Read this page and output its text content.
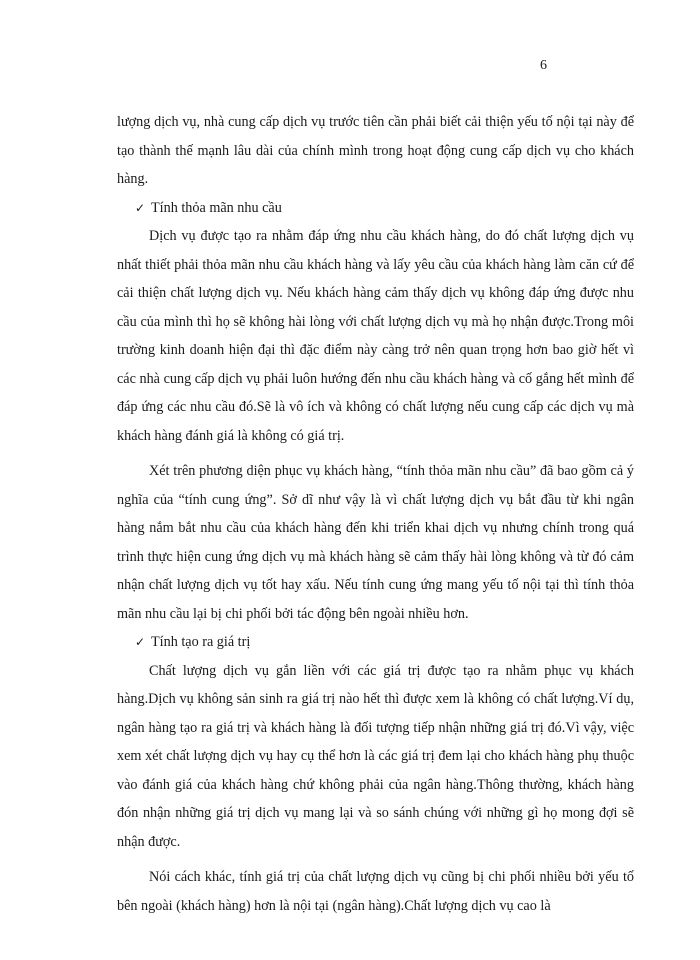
6

lượng dịch vụ, nhà cung cấp dịch vụ trước tiên cần phải biết cải thiện yếu tố nội tại này để tạo thành thế mạnh lâu dài của chính mình trong hoạt động cung cấp dịch vụ cho khách hàng.

✓ Tính thỏa mãn nhu cầu

Dịch vụ được tạo ra nhằm đáp ứng nhu cầu khách hàng, do đó chất lượng dịch vụ nhất thiết phải thỏa mãn nhu cầu khách hàng và lấy yêu cầu của khách hàng làm căn cứ để cải thiện chất lượng dịch vụ. Nếu khách hàng cảm thấy dịch vụ không đáp ứng được nhu cầu của mình thì họ sẽ không hài lòng với chất lượng dịch vụ mà họ nhận được.Trong môi trường kinh doanh hiện đại thì đặc điểm này càng trở nên quan trọng hơn bao giờ hết vì các nhà cung cấp dịch vụ phải luôn hướng đến nhu cầu khách hàng và cố gắng hết mình để đáp ứng các nhu cầu đó.Sẽ là vô ích và không có chất lượng nếu cung cấp các dịch vụ mà khách hàng đánh giá là không có giá trị.

Xét trên phương diện phục vụ khách hàng, “tính thỏa mãn nhu cầu” đã bao gồm cả ý nghĩa của “tính cung ứng”. Sở dĩ như vậy là vì chất lượng dịch vụ bắt đầu từ khi ngân hàng nắm bắt nhu cầu của khách hàng đến khi triển khai dịch vụ nhưng chính trong quá trình thực hiện cung ứng dịch vụ mà khách hàng sẽ cảm thấy hài lòng không và từ đó cảm nhận chất lượng dịch vụ tốt hay xấu. Nếu tính cung ứng mang yếu tố nội tại thì tính thỏa mãn nhu cầu lại bị chi phối bởi tác động bên ngoài nhiều hơn.

✓ Tính tạo ra giá trị

Chất lượng dịch vụ gắn liền với các giá trị được tạo ra nhằm phục vụ khách hàng.Dịch vụ không sản sinh ra giá trị nào hết thì được xem là không có chất lượng.Ví dụ, ngân hàng tạo ra giá trị và khách hàng là đối tượng tiếp nhận những giá trị đó.Vì vậy, việc xem xét chất lượng dịch vụ hay cụ thể hơn là các giá trị đem lại cho khách hàng phụ thuộc vào đánh giá của khách hàng chứ không phải của ngân hàng.Thông thường, khách hàng đón nhận những giá trị dịch vụ mang lại và so sánh chúng với những gì họ mong đợi sẽ nhận được.

Nói cách khác, tính giá trị của chất lượng dịch vụ cũng bị chi phối nhiều bởi yếu tố bên ngoài (khách hàng) hơn là nội tại (ngân hàng).Chất lượng dịch vụ cao là
